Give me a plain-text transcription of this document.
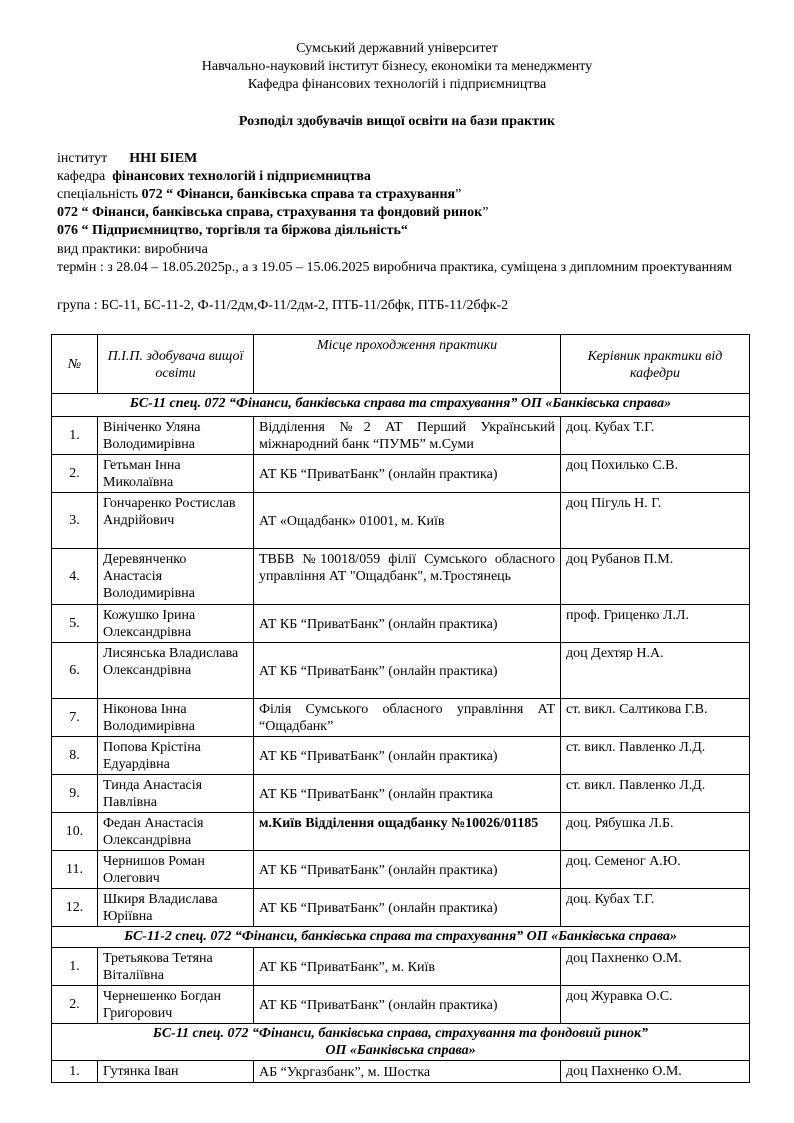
Сумський державний університет
Навчально-науковий інститут бізнесу, економіки та менеджменту
Кафедра фінансових технологій і підприємництва
Розподіл здобувачів вищої освіти на бази практик
інститут ННІ БІЕМ
кафедра фінансових технологій і підприємництва
спеціальність 072 “ Фінанси, банківська справа та страхування”
072 “ Фінанси, банківська справа, страхування та фондовий ринок”
076 “ Підприємництво, торгівля та біржова діяльність“
вид практики: виробнича
термін : з 28.04 – 18.05.2025р., а з 19.05 – 15.06.2025 виробнича практика, суміщена з дипломним проектуванням
група : БС-11, БС-11-2, Ф-11/2дм,Ф-11/2дм-2, ПТБ-11/2бфк, ПТБ-11/2бфк-2
№	П.І.П. здобувача вищої освіти	Місце проходження практики	Керівник практики від кафедри
БС-11 спец. 072 “Фінанси, банківська справа та страхування” ОП «Банківська справа»			
1.	Вініченко Уляна Володимирівна	Відділення №2 АТ Перший Український міжнародний банк “ПУМБ” м.Суми	доц. Кубах Т.Г.
2.	Гетьман Інна Миколаївна	АТ КБ “ПриватБанк” (онлайн практика)	доц Похилько С.В.
3.	Гончаренко Ростислав Андрійович	АТ «Ощадбанк» 01001, м. Київ	доц Пігуль Н. Г.
4.	Деревянченко Анастасія Володимирівна	ТВБВ №10018/059 філії Сумського обласного управління АТ "Ощадбанк", м.Тростянець	доц Рубанов П.М.
5.	Кожушко Ірина Олександрівна	АТ КБ “ПриватБанк” (онлайн практика)	проф. Гриценко Л.Л.
6.	Лисянська Владислава Олександрівна	АТ КБ “ПриватБанк” (онлайн практика)	доц Дехтяр Н.А.
7.	Ніконова Інна Володимирівна	Філія Сумського обласного управління АТ “Ощадбанк”	ст. викл. Салтикова Г.В.
8.	Попова Крістіна Едуардівна	АТ КБ “ПриватБанк” (онлайн практика)	ст. викл. Павленко Л.Д.
9.	Тинда Анастасія Павлівна	АТ КБ “ПриватБанк” (онлайн практика	ст. викл. Павленко Л.Д.
10.	Федан Анастасія Олександрівна	м.Київ Відділення ощадбанку №10026/01185	доц. Рябушка Л.Б.
11.	Чернишов Роман Олегович	АТ КБ “ПриватБанк” (онлайн практика)	доц. Семеног А.Ю.
12.	Шкиря Владислава Юріївна	АТ КБ “ПриватБанк” (онлайн практика)	доц. Кубах Т.Г.
БС-11-2 спец. 072 “Фінанси, банківська справа та страхування” ОП «Банківська справа»			
1.	Третьякова Тетяна Віталіївна	АТ КБ “ПриватБанк”, м. Київ	доц Пахненко О.М.
2.	Чернешенко Богдан Григорович	АТ КБ “ПриватБанк” (онлайн практика)	доц Журавка О.С.

БС-11 спец. 072 “Фінанси, банківська справа, страхування та фондовий ринок”
ОП «Банківська справа»			

1.	Гутянка Іван	АБ “Укргазбанк”, м. Шостка	доц Пахненко О.М.
